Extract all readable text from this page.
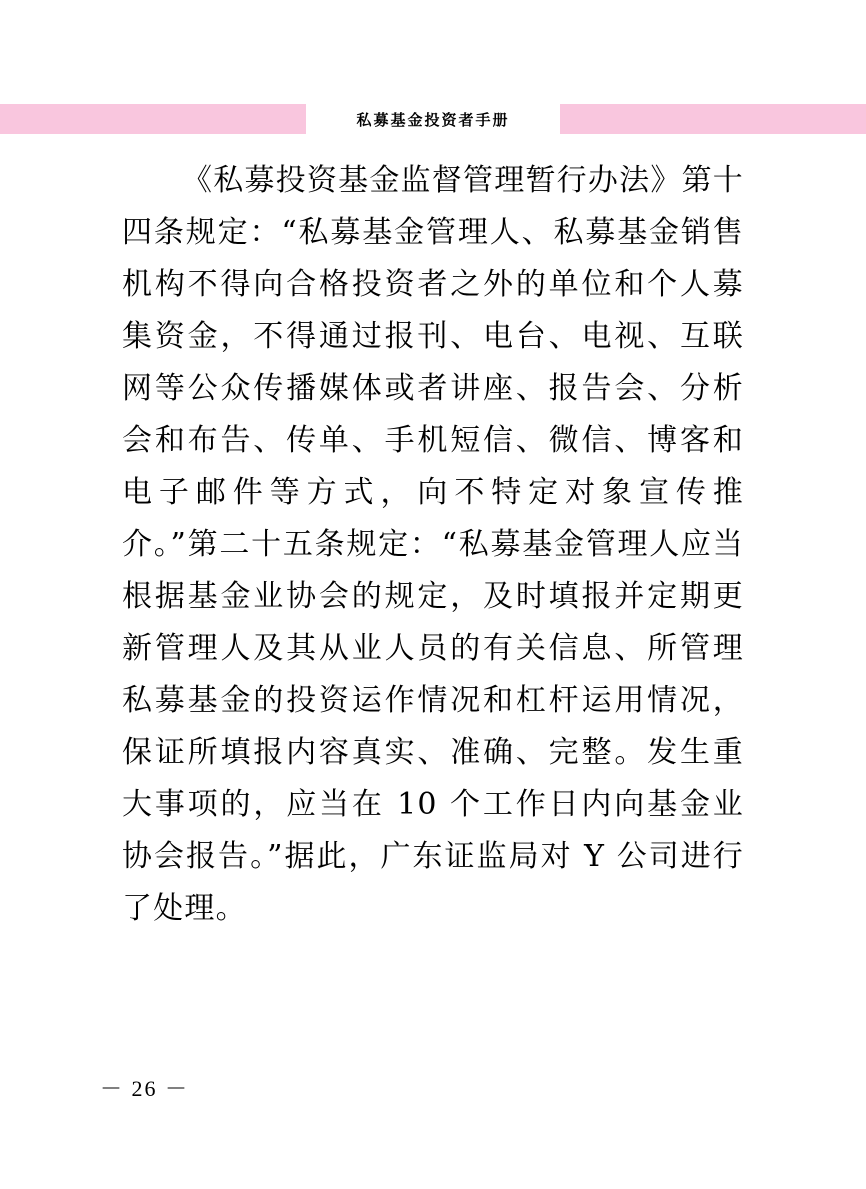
私募基金投资者手册

《私募投资基金监督管理暂行办法》第十四条规定：“私募基金管理人、私募基金销售机构不得向合格投资者之外的单位和个人募集资金，不得通过报刊、电台、电视、互联网等公众传播媒体或者讲座、报告会、分析会和布告、传单、手机短信、微信、博客和电子邮件等方式，向不特定对象宣传推介。”第二十五条规定：“私募基金管理人应当根据基金业协会的规定，及时填报并定期更新管理人及其从业人员的有关信息、所管理私募基金的投资运作情况和杠杆运用情况，保证所填报内容真实、准确、完整。发生重大事项的，应当在 10 个工作日内向基金业协会报告。”据此，广东证监局对 Y 公司进行了处理。

－ 26 －
